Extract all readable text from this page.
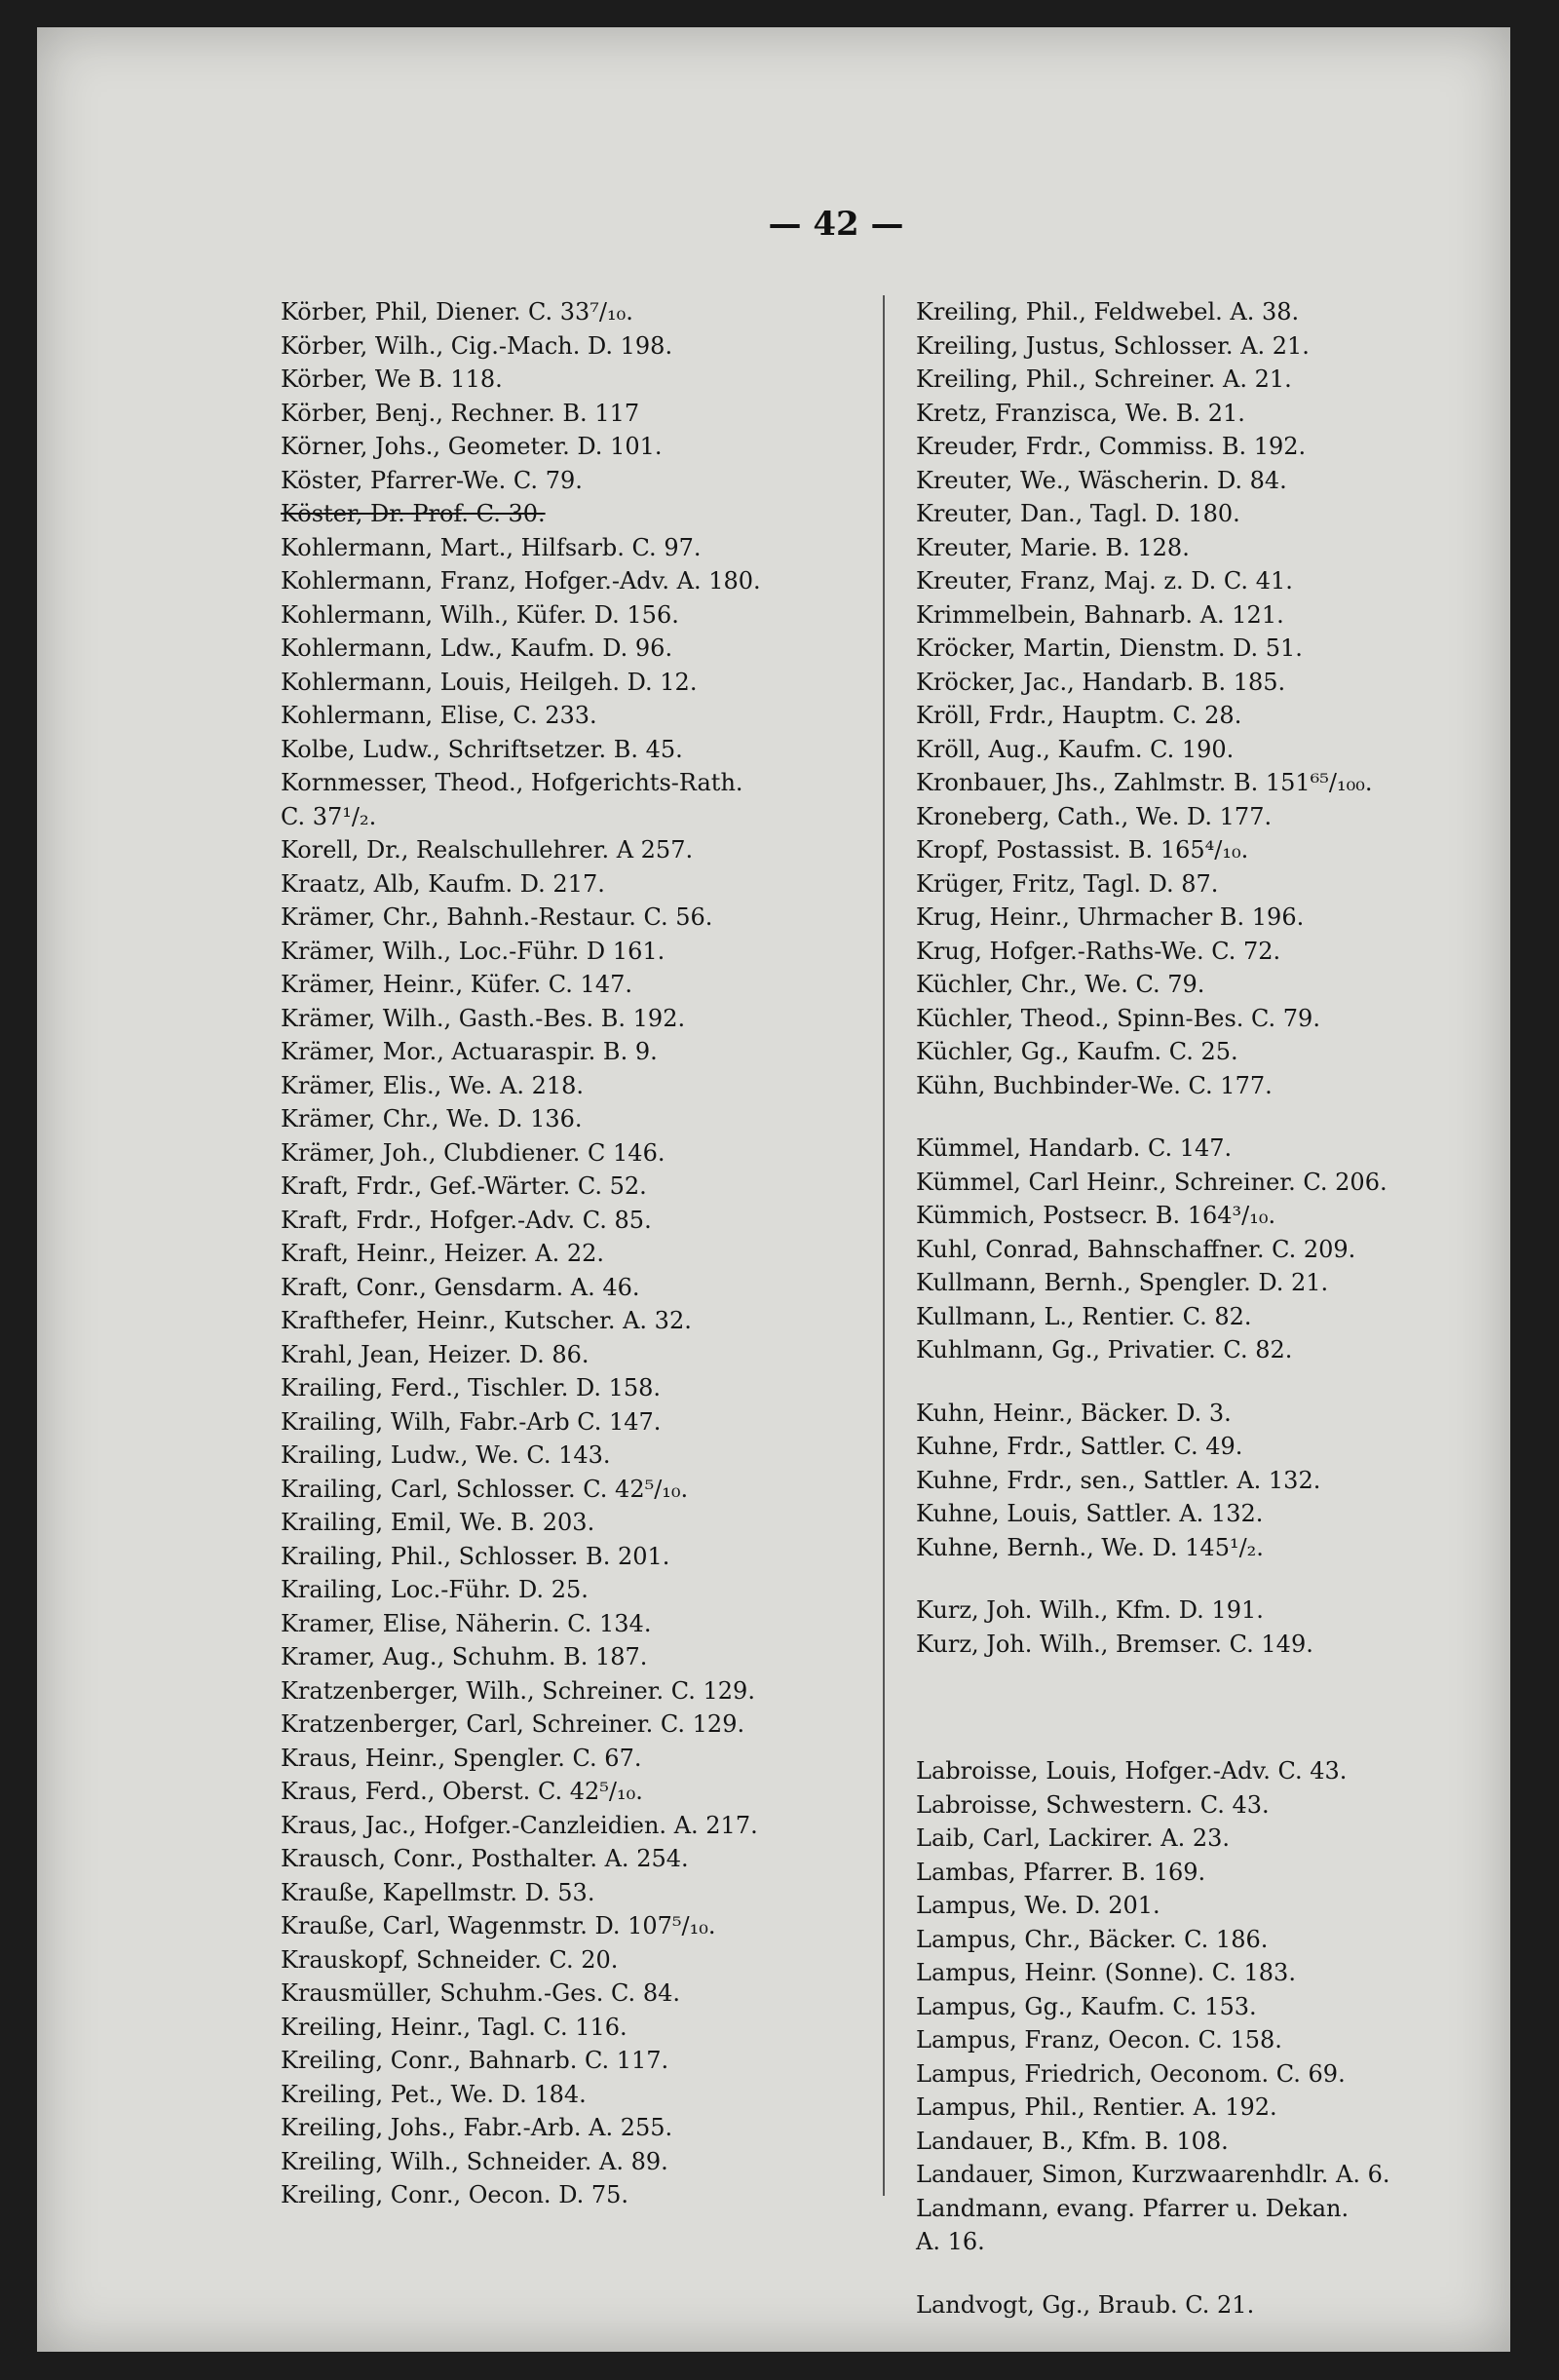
— 42 —
Körber, Phil, Diener. C. 33⁷/₁₀.
Körber, Wilh., Cig.-Mach. D. 198.
Körber, We B. 118.
Körber, Benj., Rechner. B. 117
Körner, Johs., Geometer. D. 101.
Köster, Pfarrer-We. C. 79.
Köster, Dr. Prof. C. 30.
Kohlermann, Mart., Hilfsarb. C. 97.
Kohlermann, Franz, Hofger.-Adv. A. 180.
Kohlermann, Wilh., Küfer. D. 156.
Kohlermann, Ldw., Kaufm. D. 96.
Kohlermann, Louis, Heilgeh. D. 12.
Kohlermann, Elise, C. 233.
Kolbe, Ludw., Schriftsetzer. B. 45.
Kornmesser, Theod., Hofgerichts-Rath.
C. 37¹/₂.
Korell, Dr., Realschullehrer. A 257.
Kraatz, Alb, Kaufm. D. 217.
Krämer, Chr., Bahnh.-Restaur. C. 56.
Krämer, Wilh., Loc.-Führ. D 161.
Krämer, Heinr., Küfer. C. 147.
Krämer, Wilh., Gasth.-Bes. B. 192.
Krämer, Mor., Actuaraspir. B. 9.
Krämer, Elis., We. A. 218.
Krämer, Chr., We. D. 136.
Krämer, Joh., Clubdiener. C 146.
Kraft, Frdr., Gef.-Wärter. C. 52.
Kraft, Frdr., Hofger.-Adv. C. 85.
Kraft, Heinr., Heizer. A. 22.
Kraft, Conr., Gensdarm. A. 46.
Krafthefer, Heinr., Kutscher. A. 32.
Krahl, Jean, Heizer. D. 86.
Krailing, Ferd., Tischler. D. 158.
Krailing, Wilh, Fabr.-Arb C. 147.
Krailing, Ludw., We. C. 143.
Krailing, Carl, Schlosser. C. 42⁵/₁₀.
Krailing, Emil, We. B. 203.
Krailing, Phil., Schlosser. B. 201.
Krailing, Loc.-Führ. D. 25.
Kramer, Elise, Näherin. C. 134.
Kramer, Aug., Schuhm. B. 187.
Kratzenberger, Wilh., Schreiner. C. 129.
Kratzenberger, Carl, Schreiner. C. 129.
Kraus, Heinr., Spengler. C. 67.
Kraus, Ferd., Oberst. C. 42⁵/₁₀.
Kraus, Jac., Hofger.-Canzleidien. A. 217.
Krausch, Conr., Posthalter. A. 254.
Krauße, Kapellmstr. D. 53.
Krauße, Carl, Wagenmstr. D. 107⁵/₁₀.
Krauskopf, Schneider. C. 20.
Krausmüller, Schuhm.-Ges. C. 84.
Kreiling, Heinr., Tagl. C. 116.
Kreiling, Conr., Bahnarb. C. 117.
Kreiling, Pet., We. D. 184.
Kreiling, Johs., Fabr.-Arb. A. 255.
Kreiling, Wilh., Schneider. A. 89.
Kreiling, Conr., Oecon. D. 75.
Kreiling, Phil., Feldwebel. A. 38.
Kreiling, Justus, Schlosser. A. 21.
Kreiling, Phil., Schreiner. A. 21.
Kretz, Franzisca, We. B. 21.
Kreuder, Frdr., Commiss. B. 192.
Kreuter, We., Wäscherin. D. 84.
Kreuter, Dan., Tagl. D. 180.
Kreuter, Marie. B. 128.
Kreuter, Franz, Maj. z. D. C. 41.
Krimmelbein, Bahnarb. A. 121.
Kröcker, Martin, Dienstm. D. 51.
Kröcker, Jac., Handarb. B. 185.
Kröll, Frdr., Hauptm. C. 28.
Kröll, Aug., Kaufm. C. 190.
Kronbauer, Jhs., Zahlmstr. B. 151⁶⁵/₁₀₀.
Kroneberg, Cath., We. D. 177.
Kropf, Postassist. B. 165⁴/₁₀.
Krüger, Fritz, Tagl. D. 87.
Krug, Heinr., Uhrmacher B. 196.
Krug, Hofger.-Raths-We. C. 72.
Küchler, Chr., We. C. 79.
Küchler, Theod., Spinn-Bes. C. 79.
Küchler, Gg., Kaufm. C. 25.
Kühn, Buchbinder-We. C. 177.
Kümmel, Handarb. C. 147.
Kümmel, Carl Heinr., Schreiner. C. 206.
Kümmich, Postsecr. B. 164³/₁₀.
Kuhl, Conrad, Bahnschaffner. C. 209.
Kullmann, Bernh., Spengler. D. 21.
Kullmann, L., Rentier. C. 82.
Kuhlmann, Gg., Privatier. C. 82.
Kuhn, Heinr., Bäcker. D. 3.
Kuhne, Frdr., Sattler. C. 49.
Kuhne, Frdr., sen., Sattler. A. 132.
Kuhne, Louis, Sattler. A. 132.
Kuhne, Bernh., We. D. 145¹/₂.
Kurz, Joh. Wilh., Kfm. D. 191.
Kurz, Joh. Wilh., Bremser. C. 149.
Labroisse, Louis, Hofger.-Adv. C. 43.
Labroisse, Schwestern. C. 43.
Laib, Carl, Lackirer. A. 23.
Lambas, Pfarrer. B. 169.
Lampus, We. D. 201.
Lampus, Chr., Bäcker. C. 186.
Lampus, Heinr. (Sonne). C. 183.
Lampus, Gg., Kaufm. C. 153.
Lampus, Franz, Oecon. C. 158.
Lampus, Friedrich, Oeconom. C. 69.
Lampus, Phil., Rentier. A. 192.
Landauer, B., Kfm. B. 108.
Landauer, Simon, Kurzwaarenhdlr. A. 6.
Landmann, evang. Pfarrer u. Dekan.
A. 16.
Landvogt, Gg., Braub. C. 21.
